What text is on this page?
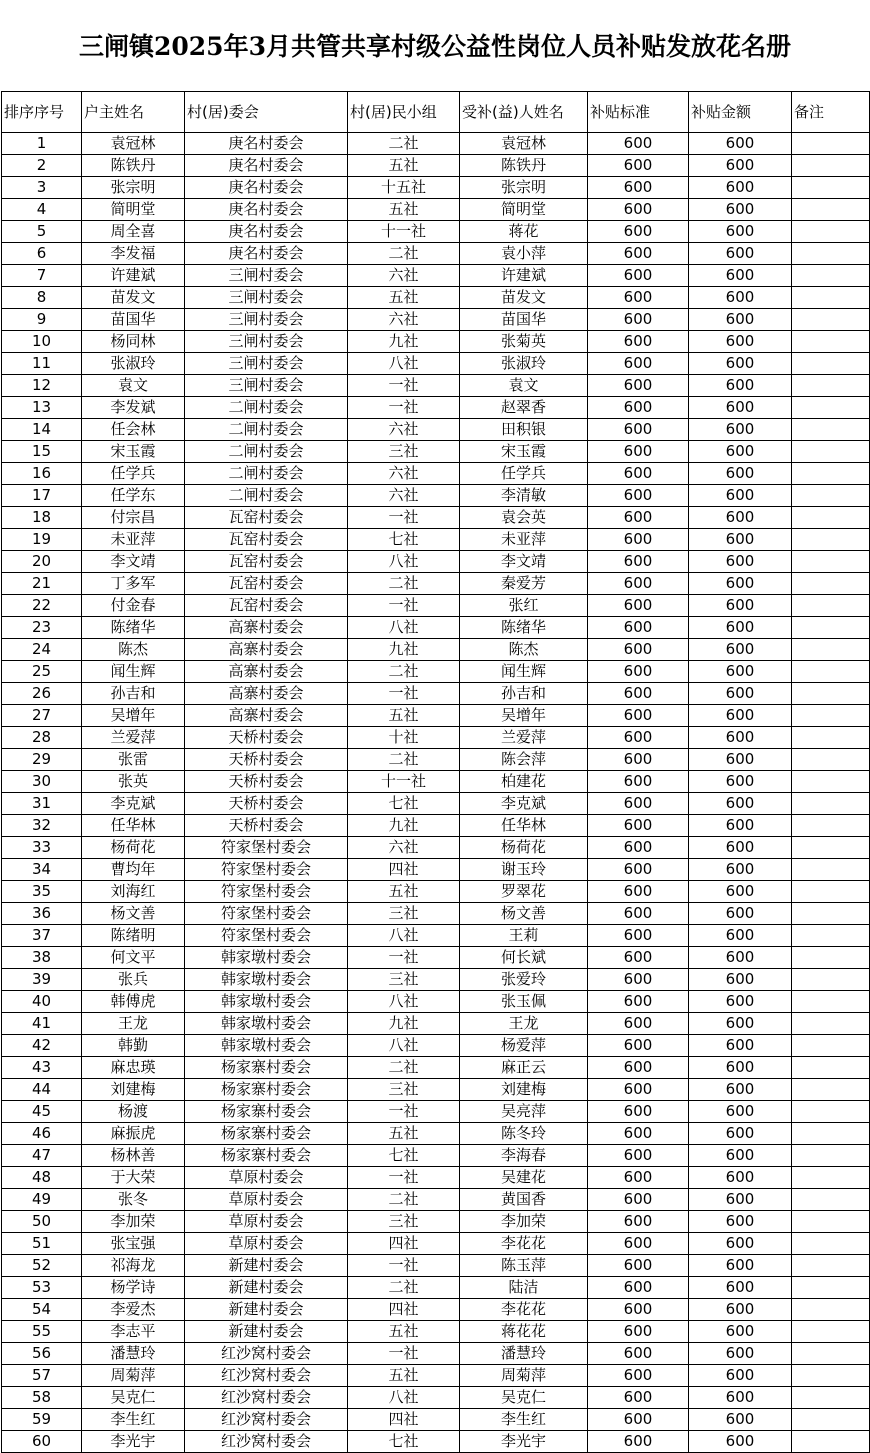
三闸镇2025年3月共管共享村级公益性岗位人员补贴发放花名册
排序序号	户主姓名	村(居)委会	村(居)民小组	受补(益)人姓名	补贴标准	补贴金额	备注
1	袁冠林	庚名村委会	二社	袁冠林	600	600	
2	陈铁丹	庚名村委会	五社	陈铁丹	600	600	
3	张宗明	庚名村委会	十五社	张宗明	600	600	
4	简明堂	庚名村委会	五社	简明堂	600	600	
5	周全喜	庚名村委会	十一社	蒋花	600	600	
6	李发福	庚名村委会	二社	袁小萍	600	600	
7	许建斌	三闸村委会	六社	许建斌	600	600	
8	苗发文	三闸村委会	五社	苗发文	600	600	
9	苗国华	三闸村委会	六社	苗国华	600	600	
10	杨同林	三闸村委会	九社	张菊英	600	600	
11	张淑玲	三闸村委会	八社	张淑玲	600	600	
12	袁文	三闸村委会	一社	袁文	600	600	
13	李发斌	二闸村委会	一社	赵翠香	600	600	
14	任会林	二闸村委会	六社	田积银	600	600	
15	宋玉霞	二闸村委会	三社	宋玉霞	600	600	
16	任学兵	二闸村委会	六社	任学兵	600	600	
17	任学东	二闸村委会	六社	李清敏	600	600	
18	付宗昌	瓦窑村委会	一社	袁会英	600	600	
19	未亚萍	瓦窑村委会	七社	未亚萍	600	600	
20	李文靖	瓦窑村委会	八社	李文靖	600	600	
21	丁多军	瓦窑村委会	二社	秦爱芳	600	600	
22	付金春	瓦窑村委会	一社	张红	600	600	
23	陈绪华	高寨村委会	八社	陈绪华	600	600	
24	陈杰	高寨村委会	九社	陈杰	600	600	
25	闻生辉	高寨村委会	二社	闻生辉	600	600	
26	孙吉和	高寨村委会	一社	孙吉和	600	600	
27	吴增年	高寨村委会	五社	吴增年	600	600	
28	兰爱萍	天桥村委会	十社	兰爱萍	600	600	
29	张雷	天桥村委会	二社	陈会萍	600	600	
30	张英	天桥村委会	十一社	柏建花	600	600	
31	李克斌	天桥村委会	七社	李克斌	600	600	
32	任华林	天桥村委会	九社	任华林	600	600	
33	杨荷花	符家堡村委会	六社	杨荷花	600	600	
34	曹均年	符家堡村委会	四社	谢玉玲	600	600	
35	刘海红	符家堡村委会	五社	罗翠花	600	600	
36	杨文善	符家堡村委会	三社	杨文善	600	600	
37	陈绪明	符家堡村委会	八社	王莉	600	600	
38	何文平	韩家墩村委会	一社	何长斌	600	600	
39	张兵	韩家墩村委会	三社	张爱玲	600	600	
40	韩傅虎	韩家墩村委会	八社	张玉佩	600	600	
41	王龙	韩家墩村委会	九社	王龙	600	600	
42	韩勤	韩家墩村委会	八社	杨爱萍	600	600	
43	麻忠瑛	杨家寨村委会	二社	麻正云	600	600	
44	刘建梅	杨家寨村委会	三社	刘建梅	600	600	
45	杨渡	杨家寨村委会	一社	吴亮萍	600	600	
46	麻振虎	杨家寨村委会	五社	陈冬玲	600	600	
47	杨林善	杨家寨村委会	七社	李海春	600	600	
48	于大荣	草原村委会	一社	吴建花	600	600	
49	张冬	草原村委会	二社	黄国香	600	600	
50	李加荣	草原村委会	三社	李加荣	600	600	
51	张宝强	草原村委会	四社	李花花	600	600	
52	祁海龙	新建村委会	一社	陈玉萍	600	600	
53	杨学诗	新建村委会	二社	陆洁	600	600	
54	李爱杰	新建村委会	四社	李花花	600	600	
55	李志平	新建村委会	五社	蒋花花	600	600	
56	潘慧玲	红沙窝村委会	一社	潘慧玲	600	600	
57	周菊萍	红沙窝村委会	五社	周菊萍	600	600	
58	吴克仁	红沙窝村委会	八社	吴克仁	600	600	
59	李生红	红沙窝村委会	四社	李生红	600	600	
60	李光宇	红沙窝村委会	七社	李光宇	600	600	
